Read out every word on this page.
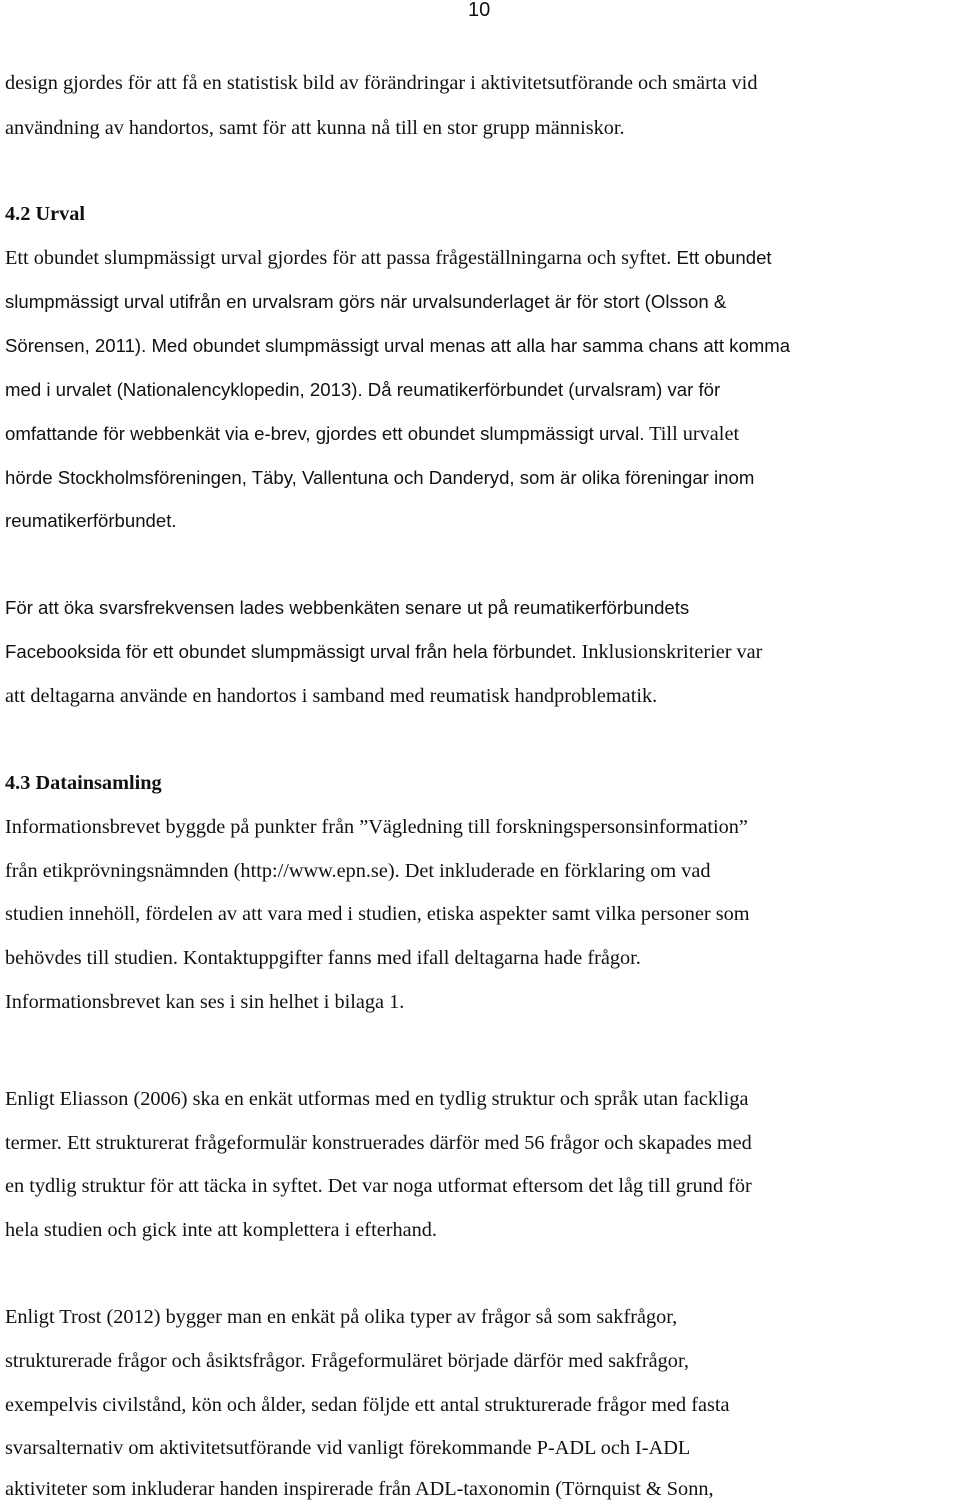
10
design gjordes för att få en statistisk bild av förändringar i aktivitetsutförande och smärta vid
användning av handortos, samt för att kunna nå till en stor grupp människor.
4.2 Urval
Ett obundet slumpmässigt urval gjordes för att passa frågeställningarna och syftet. Ett obundet
slumpmässigt urval utifrån en urvalsram görs när urvalsunderlaget är för stort (Olsson &
Sörensen, 2011). Med obundet slumpmässigt urval menas att alla har samma chans att komma
med i urvalet (Nationalencyklopedin, 2013). Då reumatikerförbundet (urvalsram) var för
omfattande för webbenkät via e-brev, gjordes ett obundet slumpmässigt urval. Till urvalet
hörde Stockholmsföreningen, Täby, Vallentuna och Danderyd, som är olika föreningar inom
reumatikerförbundet.
För att öka svarsfrekvensen lades webbenkäten senare ut på reumatikerförbundets
Facebooksida för ett obundet slumpmässigt urval från hela förbundet. Inklusionskriterier var
att deltagarna använde en handortos i samband med reumatisk handproblematik.
4.3 Datainsamling
Informationsbrevet byggde på punkter från ”Vägledning till forskningspersonsinformation”
från etikprövningsnämnden (http://www.epn.se). Det inkluderade en förklaring om vad
studien innehöll, fördelen av att vara med i studien, etiska aspekter samt vilka personer som
behövdes till studien. Kontaktuppgifter fanns med ifall deltagarna hade frågor.
Informationsbrevet kan ses i sin helhet i bilaga 1.
Enligt Eliasson (2006) ska en enkät utformas med en tydlig struktur och språk utan fackliga
termer. Ett strukturerat frågeformulär konstruerades därför med 56 frågor och skapades med
en tydlig struktur för att täcka in syftet. Det var noga utformat eftersom det låg till grund för
hela studien och gick inte att komplettera i efterhand.
Enligt Trost (2012) bygger man en enkät på olika typer av frågor så som sakfrågor,
strukturerade frågor och åsiktsfrågor. Frågeformuläret började därför med sakfrågor,
exempelvis civilstånd, kön och ålder, sedan följde ett antal strukturerade frågor med fasta
svarsalternativ om aktivitetsutförande vid vanligt förekommande P-ADL och I-ADL
aktiviteter som inkluderar handen inspirerade från ADL-taxonomin (Törnquist & Sonn,
